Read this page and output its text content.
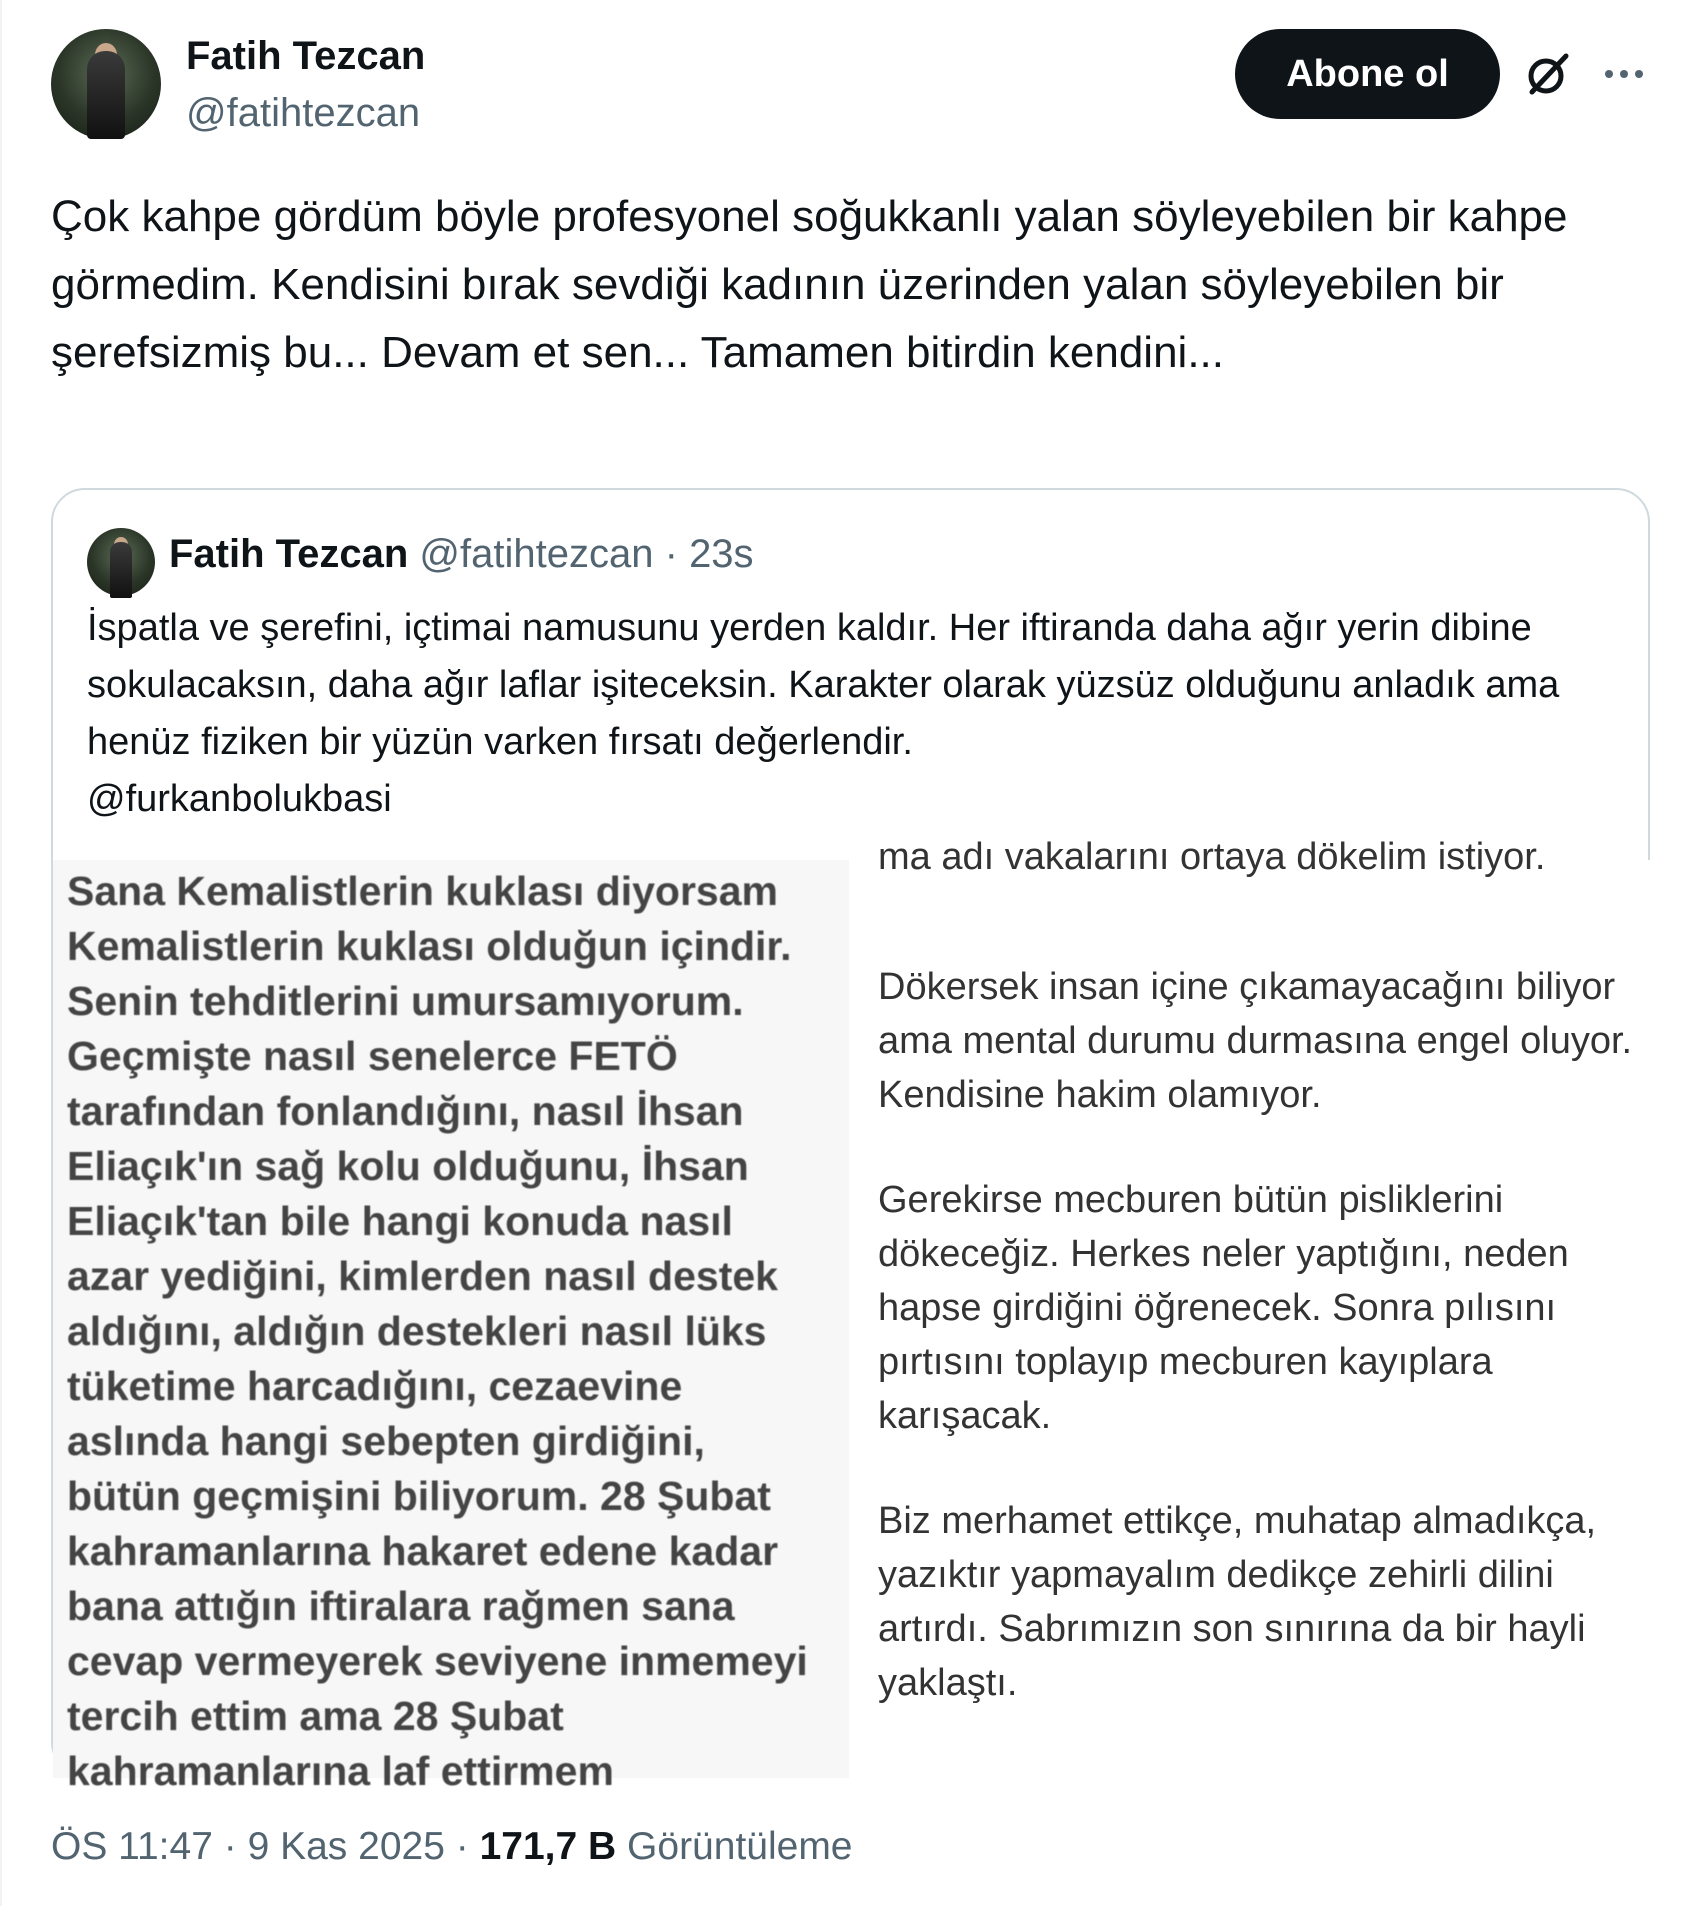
Fatih Tezcan
@fatihtezcan
Abone ol
Çok kahpe gördüm böyle profesyonel soğukkanlı yalan söyleyebilen bir kahpe görmedim. Kendisini bırak sevdiği kadının üzerinden yalan söyleyebilen bir şerefsizmiş bu... Devam et sen... Tamamen bitirdin kendini...
Fatih Tezcan @fatihtezcan · 23s
İspatla ve şerefini, içtimai namusunu yerden kaldır. Her iftiranda daha ağır yerin dibine sokulacaksın, daha ağır laflar işiteceksin. Karakter olarak yüzsüz olduğunu anladık ama henüz fiziken bir yüzün varken fırsatı değerlendir.
@furkanbolukbasi
Sana Kemalistlerin kuklası diyorsam
Kemalistlerin kuklası olduğun içindir.
Senin tehditlerini umursamıyorum.
Geçmişte nasıl senelerce FETÖ
tarafından fonlandığını, nasıl İhsan
Eliaçık'ın sağ kolu olduğunu, İhsan
Eliaçık'tan bile hangi konuda nasıl
azar yediğini, kimlerden nasıl destek
aldığını, aldığın destekleri nasıl lüks
tüketime harcadığını, cezaevine
aslında hangi sebepten girdiğini,
bütün geçmişini biliyorum. 28 Şubat
kahramanlarına hakaret edene kadar
bana attığın iftiralara rağmen sana
cevap vermeyerek seviyene inmemeyi
tercih ettim ama 28 Şubat
kahramanlarına laf ettirmem
ma adı vakalarını ortaya dökelim istiyor.
Dökersek insan içine çıkamayacağını biliyor ama mental durumu durmasına engel oluyor. Kendisine hakim olamıyor.
Gerekirse mecburen bütün pisliklerini dökeceğiz. Herkes neler yaptığını, neden hapse girdiğini öğrenecek. Sonra pılısını pırtısını toplayıp mecburen kayıplara karışacak.
Biz merhamet ettikçe, muhatap almadıkça, yazıktır yapmayalım dedikçe zehirli dilini artırdı. Sabrımızın son sınırına da bir hayli yaklaştı.
ÖS 11:47 · 9 Kas 2025 · 171,7 B Görüntüleme
